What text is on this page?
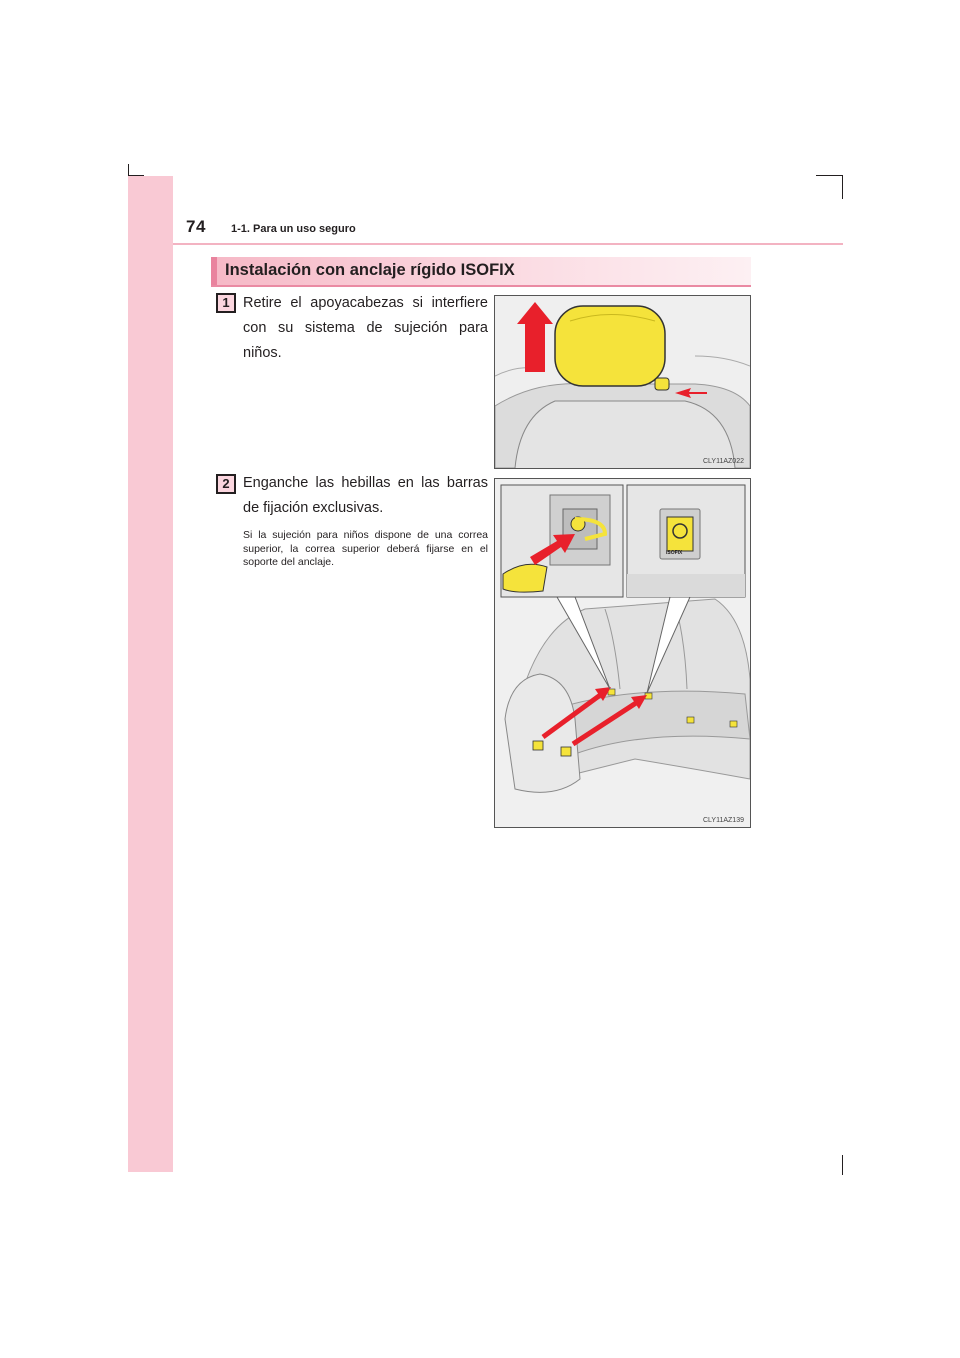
74 1-1. Para un uso seguro
Instalación con anclaje rígido ISOFIX
1 Retire el apoyacabezas si interfiere con su sistema de sujeción para niños.
CLY11AZ022
2 Enganche las hebillas en las barras de fijación exclusivas.
Si la sujeción para niños dispone de una correa superior, la correa superior deberá fijarse en el soporte del anclaje.
ISOFIX
CLY11AZ139
